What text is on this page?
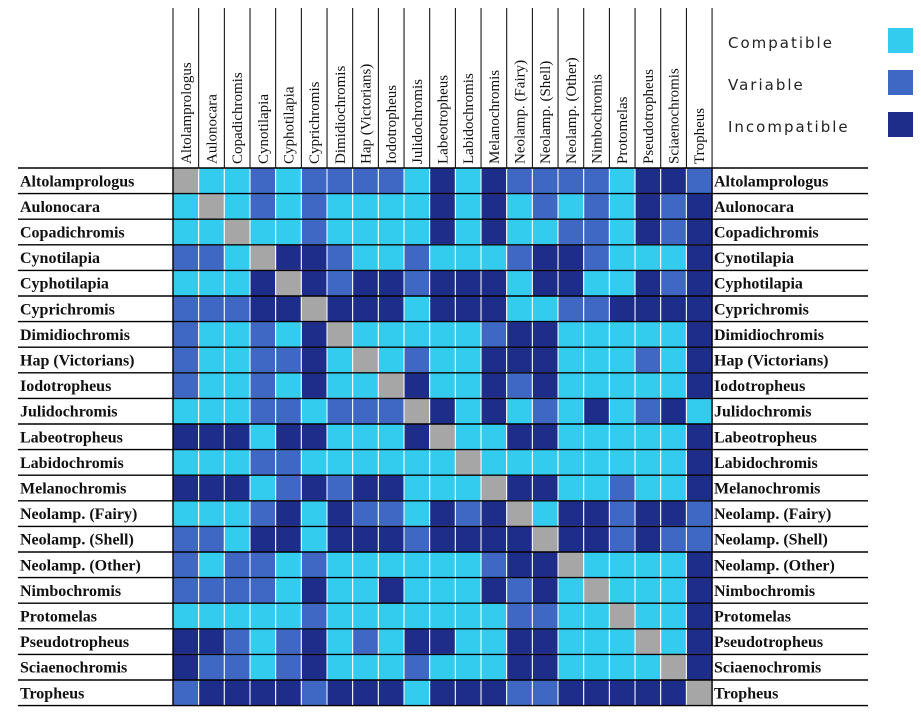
Altolamprologus Aulonocara Copadichromis Cynotilapia Cyphotilapia Cyprichromis Dimidiochromis Hap (Victorians) Iodotropheus Julidochromis Labeotropheus Labidochromis Melanochromis Neolamp. (Fairy) Neolamp. (Shell) Neolamp. (Other) Nimbochromis Protomelas Pseudotropheus Sciaenochromis Tropheus
Altolamprologus
Aulonocara
Copadichromis
Cynotilapia
Cyphotilapia
Cyprichromis
Dimidiochromis
Hap (Victorians)
Iodotropheus
Julidochromis
Labeotropheus
Labidochromis
Melanochromis
Neolamp. (Fairy)
Neolamp. (Shell)
Neolamp. (Other)
Nimbochromis
Protomelas
Pseudotropheus
Sciaenochromis
Tropheus
Altolamprologus
Aulonocara
Copadichromis
Cynotilapia
Cyphotilapia
Cyprichromis
Dimidiochromis
Hap (Victorians)
Iodotropheus
Julidochromis
Labeotropheus
Labidochromis
Melanochromis
Neolamp. (Fairy)
Neolamp. (Shell)
Neolamp. (Other)
Nimbochromis
Protomelas
Pseudotropheus
Sciaenochromis
Tropheus
Compatible
Variable
Incompatible
